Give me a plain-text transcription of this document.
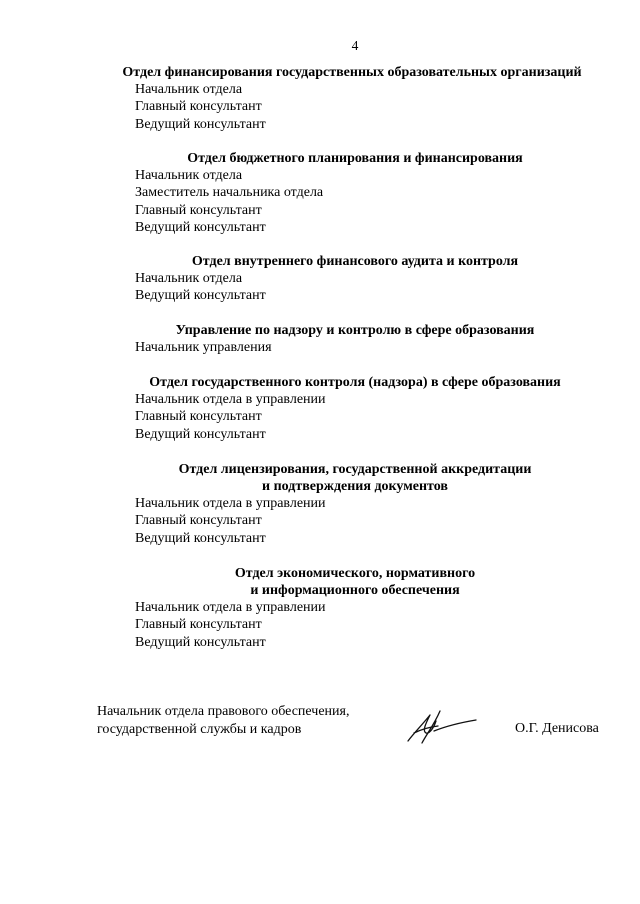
4
Отдел финансирования государственных образовательных организаций
Начальник отдела
Главный консультант
Ведущий консультант
Отдел бюджетного планирования и финансирования
Начальник отдела
Заместитель начальника отдела
Главный консультант
Ведущий консультант
Отдел внутреннего финансового аудита и контроля
Начальник отдела
Ведущий консультант
Управление по надзору и контролю в сфере образования
Начальник управления
Отдел государственного контроля (надзора) в сфере образования
Начальник отдела в управлении
Главный консультант
Ведущий консультант
Отдел лицензирования, государственной аккредитации
и подтверждения документов
Начальник отдела в управлении
Главный консультант
Ведущий консультант
Отдел экономического, нормативного
и информационного обеспечения
Начальник отдела в управлении
Главный консультант
Ведущий консультант
Начальник отдела правового обеспечения,
государственной службы и кадров	О.Г. Денисова
